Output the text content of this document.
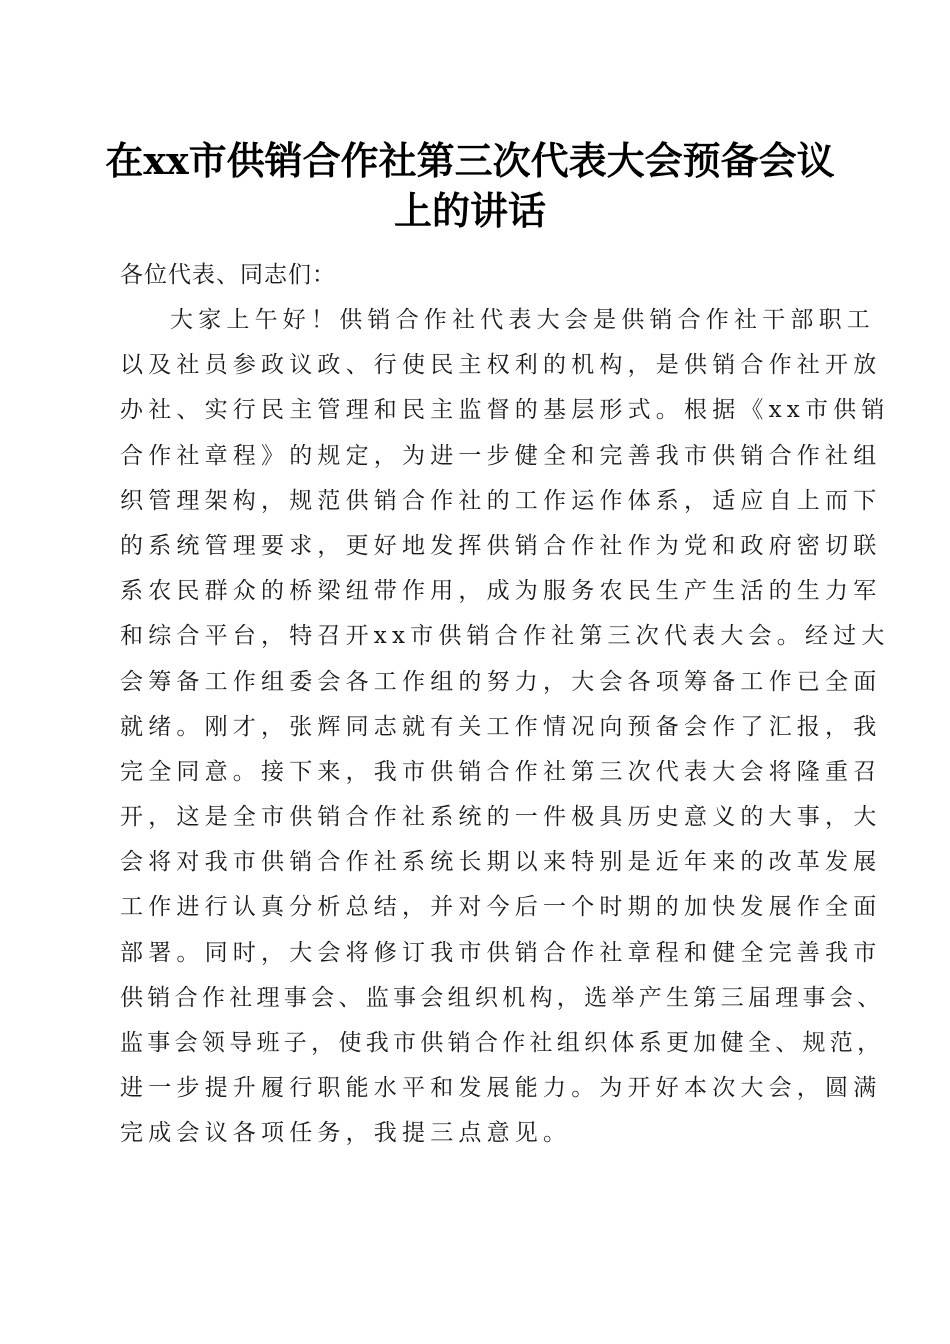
在xx市供销合作社第三次代表大会预备会议
上的讲话
各位代表、同志们：
大家上午好！供销合作社代表大会是供销合作社干部职工
以及社员参政议政、行使民主权利的机构，是供销合作社开放
办社、实行民主管理和民主监督的基层形式。根据《xx市供销
合作社章程》的规定，为进一步健全和完善我市供销合作社组
织管理架构，规范供销合作社的工作运作体系，适应自上而下
的系统管理要求，更好地发挥供销合作社作为党和政府密切联
系农民群众的桥梁纽带作用，成为服务农民生产生活的生力军
和综合平台，特召开xx市供销合作社第三次代表大会。经过大
会筹备工作组委会各工作组的努力，大会各项筹备工作已全面
就绪。刚才，张辉同志就有关工作情况向预备会作了汇报，我
完全同意。接下来，我市供销合作社第三次代表大会将隆重召
开，这是全市供销合作社系统的一件极具历史意义的大事，大
会将对我市供销合作社系统长期以来特别是近年来的改革发展
工作进行认真分析总结，并对今后一个时期的加快发展作全面
部署。同时，大会将修订我市供销合作社章程和健全完善我市
供销合作社理事会、监事会组织机构，选举产生第三届理事会、
监事会领导班子，使我市供销合作社组织体系更加健全、规范，
进一步提升履行职能水平和发展能力。为开好本次大会，圆满
完成会议各项任务，我提三点意见。
